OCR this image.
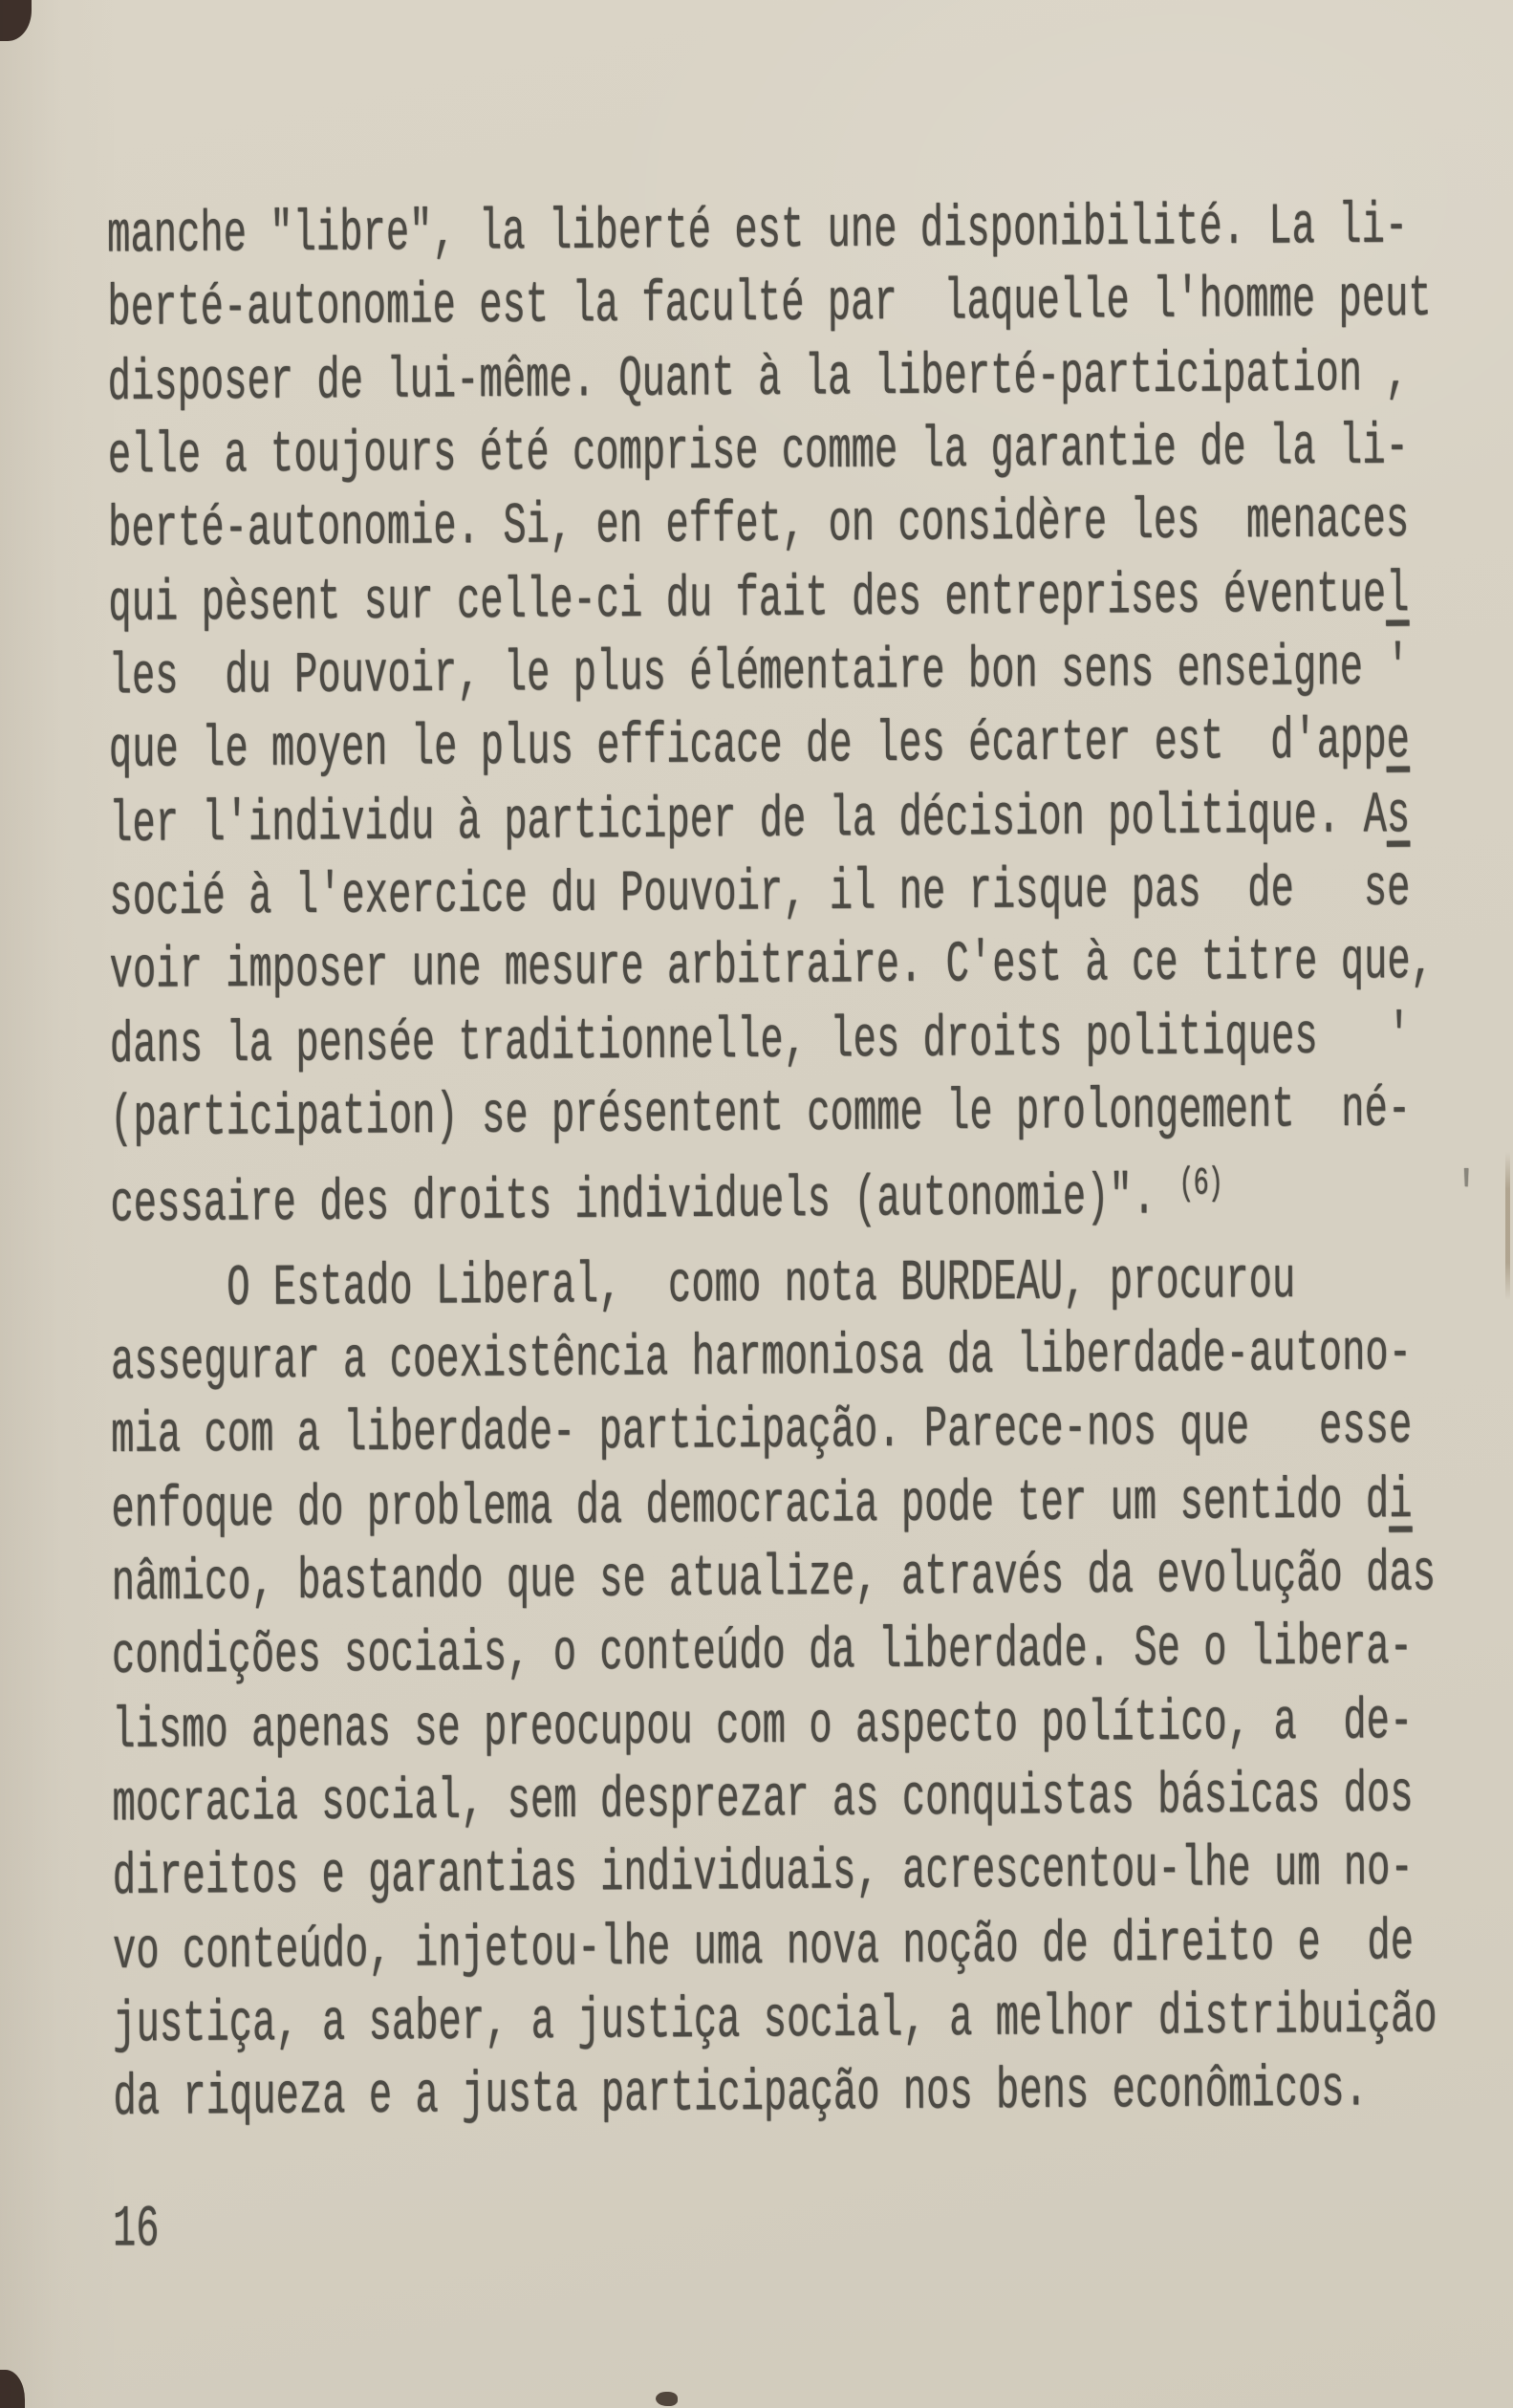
manche "libre", la liberté est une disponibilité. La li-
berté-autonomie est la faculté par  laquelle l'homme peut
disposer de lui-même. Quant à la liberté-participation ,
elle a toujours été comprise comme la garantie de la li-
berté-autonomie. Si, en effet, on considère les  menaces
qui pèsent sur celle-ci du fait des entreprises éventuel
les  du Pouvoir, le plus élémentaire bon sens enseigne '
que le moyen le plus efficace de les écarter est  d'appe
ler l'individu à participer de la décision politique. As
socié à l'exercice du Pouvoir, il ne risque pas  de   se
voir imposer une mesure arbitraire. C'est à ce titre que,
dans la pensée traditionnelle, les droits politiques   '
(participation) se présentent comme le prolongement  né-
cessaire des droits individuels (autonomie)". $^{(6)}$          '
O Estado Liberal,  como nota BURDEAU, procurou
assegurar a coexistência harmoniosa da liberdade-autono-
mia com a liberdade- participação. Parece-nos que   esse
enfoque do problema da democracia pode ter um sentido di
nâmico, bastando que se atualize, através da evolução das
condições sociais, o conteúdo da liberdade. Se o libera-
lismo apenas se preocupou com o aspecto político, a  de-
mocracia social, sem desprezar as conquistas básicas dos
direitos e garantias individuais, acrescentou-lhe um no-
vo conteúdo, injetou-lhe uma nova noção de direito e  de
justiça, a saber, a justiça social, a melhor distribuição
da riqueza e a justa participação nos bens econômicos.
16
